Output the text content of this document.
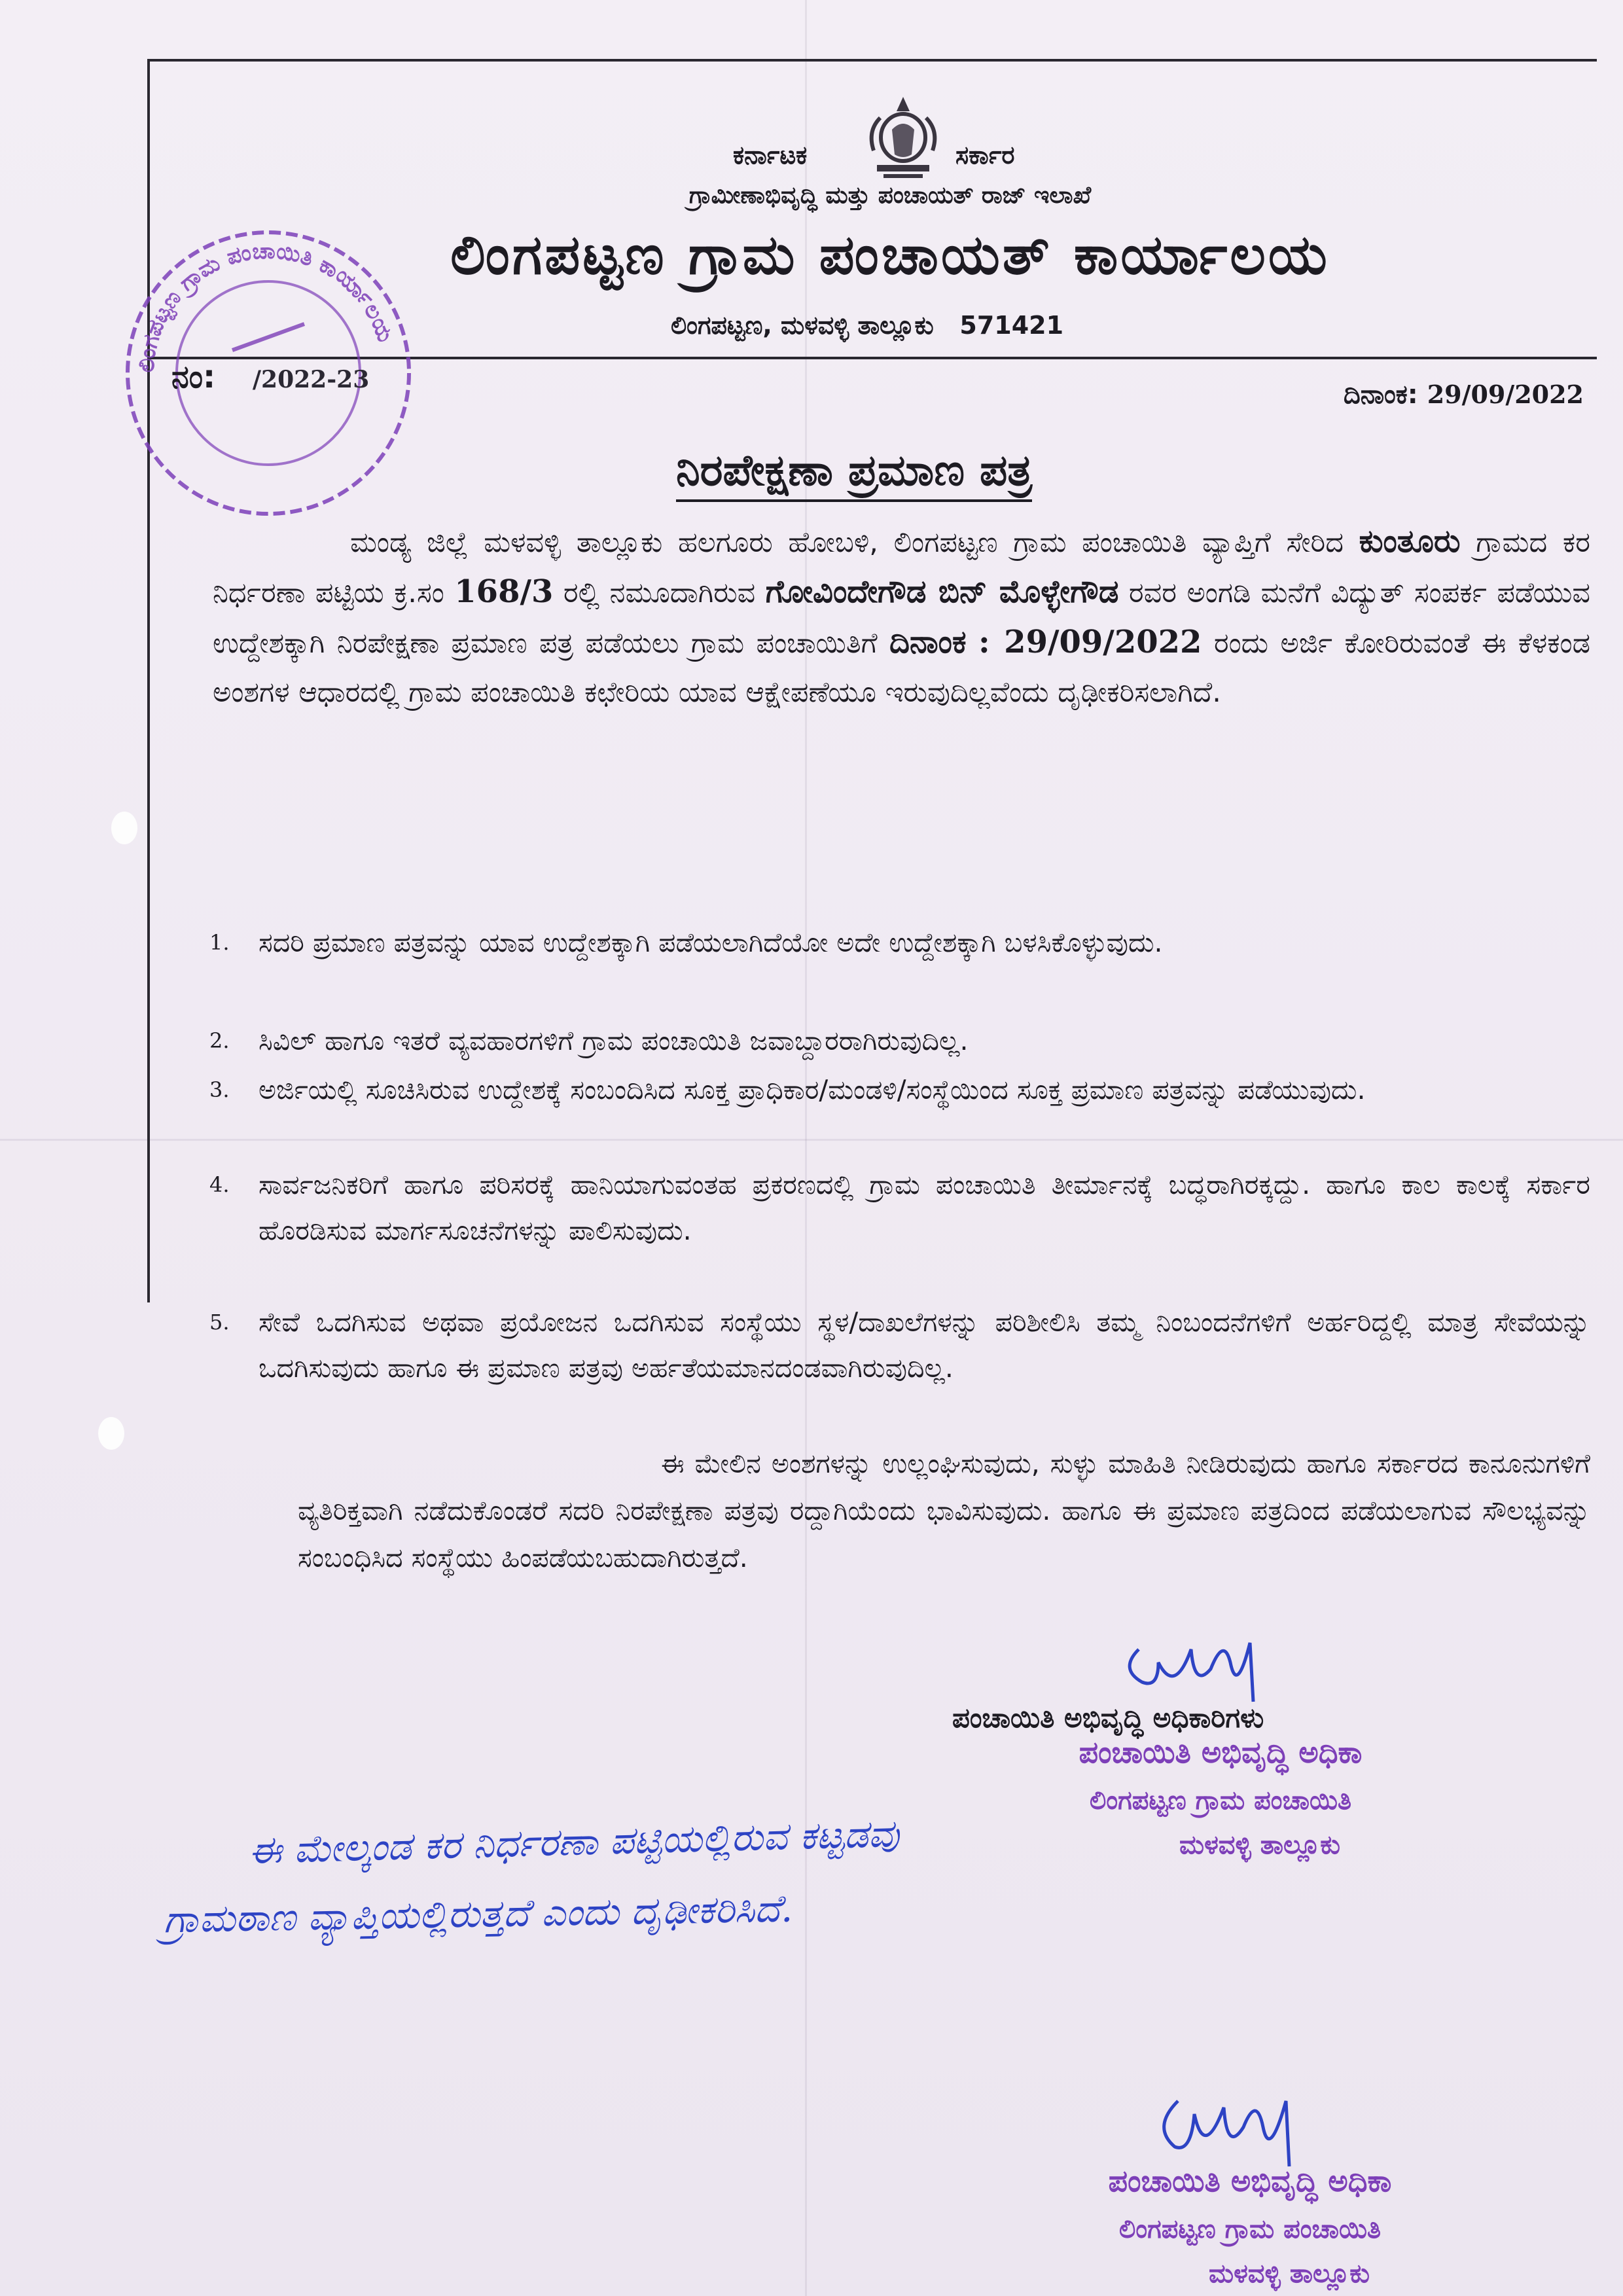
ಕರ್ನಾಟಕ	ಸರ್ಕಾರ
ಗ್ರಾಮೀಣಾಭಿವೃದ್ಧಿ ಮತ್ತು ಪಂಚಾಯತ್ ರಾಜ್ ಇಲಾಖೆ
ಲಿಂಗಪಟ್ಟಣ ಗ್ರಾಮ ಪಂಚಾಯತ್ ಕಾರ್ಯಾಲಯ
ಲಿಂಗಪಟ್ಟಣ, ಮಳವಳ್ಳಿ ತಾಲ್ಲೂಕು 571421
ಲಿಂಗಪಟ್ಟಣ ಗ್ರಾಮ ಪಂಚಾಯಿತಿ ಕಾರ್ಯಾಲಯ
ನಂ: /2022-23	ದಿನಾಂಕ: 29/09/2022
ನಿರಪೇಕ್ಷಣಾ ಪ್ರಮಾಣ ಪತ್ರ
ಮಂಡ್ಯ ಜಿಲ್ಲೆ ಮಳವಳ್ಳಿ ತಾಲ್ಲೂಕು ಹಲಗೂರು ಹೋಬಳಿ, ಲಿಂಗಪಟ್ಟಣ ಗ್ರಾಮ ಪಂಚಾಯಿತಿ ವ್ಯಾಪ್ತಿಗೆ ಸೇರಿದ ಕುಂತೂರು ಗ್ರಾಮದ ಕರ ನಿರ್ಧರಣಾ ಪಟ್ಟಿಯ ಕ್ರ.ಸಂ 168/3 ರಲ್ಲಿ ನಮೂದಾಗಿರುವ ಗೋವಿಂದೇಗೌಡ ಬಿನ್ ಮೊಳ್ಳೇಗೌಡ ರವರ ಅಂಗಡಿ ಮನೆಗೆ ವಿದ್ಯುತ್ ಸಂಪರ್ಕ ಪಡೆಯುವ ಉದ್ದೇಶಕ್ಕಾಗಿ ನಿರಪೇಕ್ಷಣಾ ಪ್ರಮಾಣ ಪತ್ರ ಪಡೆಯಲು ಗ್ರಾಮ ಪಂಚಾಯಿತಿಗೆ ದಿನಾಂಕ : 29/09/2022 ರಂದು ಅರ್ಜಿ ಕೋರಿರುವಂತೆ ಈ ಕೆಳಕಂಡ ಅಂಶಗಳ ಆಧಾರದಲ್ಲಿ ಗ್ರಾಮ ಪಂಚಾಯಿತಿ ಕಛೇರಿಯ ಯಾವ ಆಕ್ಷೇಪಣೆಯೂ ಇರುವುದಿಲ್ಲವೆಂದು ದೃಢೀಕರಿಸಲಾಗಿದೆ.
1. ಸದರಿ ಪ್ರಮಾಣ ಪತ್ರವನ್ನು ಯಾವ ಉದ್ದೇಶಕ್ಕಾಗಿ ಪಡೆಯಲಾಗಿದೆಯೋ ಅದೇ ಉದ್ದೇಶಕ್ಕಾಗಿ ಬಳಸಿಕೊಳ್ಳುವುದು.
2. ಸಿವಿಲ್ ಹಾಗೂ ಇತರೆ ವ್ಯವಹಾರಗಳಿಗೆ ಗ್ರಾಮ ಪಂಚಾಯಿತಿ ಜವಾಬ್ದಾರರಾಗಿರುವುದಿಲ್ಲ.
3. ಅರ್ಜಿಯಲ್ಲಿ ಸೂಚಿಸಿರುವ ಉದ್ದೇಶಕ್ಕೆ ಸಂಬಂದಿಸಿದ ಸೂಕ್ತ ಪ್ರಾಧಿಕಾರ/ಮಂಡಳಿ/ಸಂಸ್ಥೆಯಿಂದ ಸೂಕ್ತ ಪ್ರಮಾಣ ಪತ್ರವನ್ನು ಪಡೆಯುವುದು.
4. ಸಾರ್ವಜನಿಕರಿಗೆ ಹಾಗೂ ಪರಿಸರಕ್ಕೆ ಹಾನಿಯಾಗುವಂತಹ ಪ್ರಕರಣದಲ್ಲಿ ಗ್ರಾಮ ಪಂಚಾಯಿತಿ ತೀರ್ಮಾನಕ್ಕೆ ಬದ್ಧರಾಗಿರಕ್ಕದ್ದು. ಹಾಗೂ ಕಾಲ ಕಾಲಕ್ಕೆ ಸರ್ಕಾರ ಹೊರಡಿಸುವ ಮಾರ್ಗಸೂಚನೆಗಳನ್ನು ಪಾಲಿಸುವುದು.
5. ಸೇವೆ ಒದಗಿಸುವ ಅಥವಾ ಪ್ರಯೋಜನ ಒದಗಿಸುವ ಸಂಸ್ಥೆಯು ಸ್ಥಳ/ದಾಖಲೆಗಳನ್ನು ಪರಿಶೀಲಿಸಿ ತಮ್ಮ ನಿಂಬಂದನೆಗಳಿಗೆ ಅರ್ಹರಿದ್ದಲ್ಲಿ ಮಾತ್ರ ಸೇವೆಯನ್ನು ಒದಗಿಸುವುದು ಹಾಗೂ ಈ ಪ್ರಮಾಣ ಪತ್ರವು ಅರ್ಹತೆಯಮಾನದಂಡವಾಗಿರುವುದಿಲ್ಲ.
ಈ ಮೇಲಿನ ಅಂಶಗಳನ್ನು ಉಲ್ಲಂಘಿಸುವುದು, ಸುಳ್ಳು ಮಾಹಿತಿ ನೀಡಿರುವುದು ಹಾಗೂ ಸರ್ಕಾರದ ಕಾನೂನುಗಳಿಗೆ ವ್ಯತಿರಿಕ್ತವಾಗಿ ನಡೆದುಕೊಂಡರೆ ಸದರಿ ನಿರಪೇಕ್ಷಣಾ ಪತ್ರವು ರದ್ದಾಗಿಯೆಂದು ಭಾವಿಸುವುದು. ಹಾಗೂ ಈ ಪ್ರಮಾಣ ಪತ್ರದಿಂದ ಪಡೆಯಲಾಗುವ ಸೌಲಭ್ಯವನ್ನು ಸಂಬಂಧಿಸಿದ ಸಂಸ್ಥೆಯು ಹಿಂಪಡೆಯಬಹುದಾಗಿರುತ್ತದೆ.
ಪಂಚಾಯಿತಿ ಅಭಿವೃದ್ಧಿ ಅಧಿಕಾರಿಗಳು
ಪಂಚಾಯಿತಿ ಅಭಿವೃದ್ಧಿ ಅಧಿಕಾ
ಲಿಂಗಪಟ್ಟಣ ಗ್ರಾಮ ಪಂಚಾಯಿತಿ
ಮಳವಳ್ಳಿ ತಾಲ್ಲೂಕು
ಈ ಮೇಲ್ಕಂಡ ಕರ ನಿರ್ಧರಣಾ ಪಟ್ಟಿಯಲ್ಲಿರುವ ಕಟ್ಟಡವು
ಗ್ರಾಮಠಾಣ ವ್ಯಾಪ್ತಿಯಲ್ಲಿರುತ್ತದೆ ಎಂದು ದೃಢೀಕರಿಸಿದೆ.
ಪಂಚಾಯಿತಿ ಅಭಿವೃದ್ಧಿ ಅಧಿಕಾ
ಲಿಂಗಪಟ್ಟಣ ಗ್ರಾಮ ಪಂಚಾಯಿತಿ
ಮಳವಳ್ಳಿ ತಾಲ್ಲೂಕು
